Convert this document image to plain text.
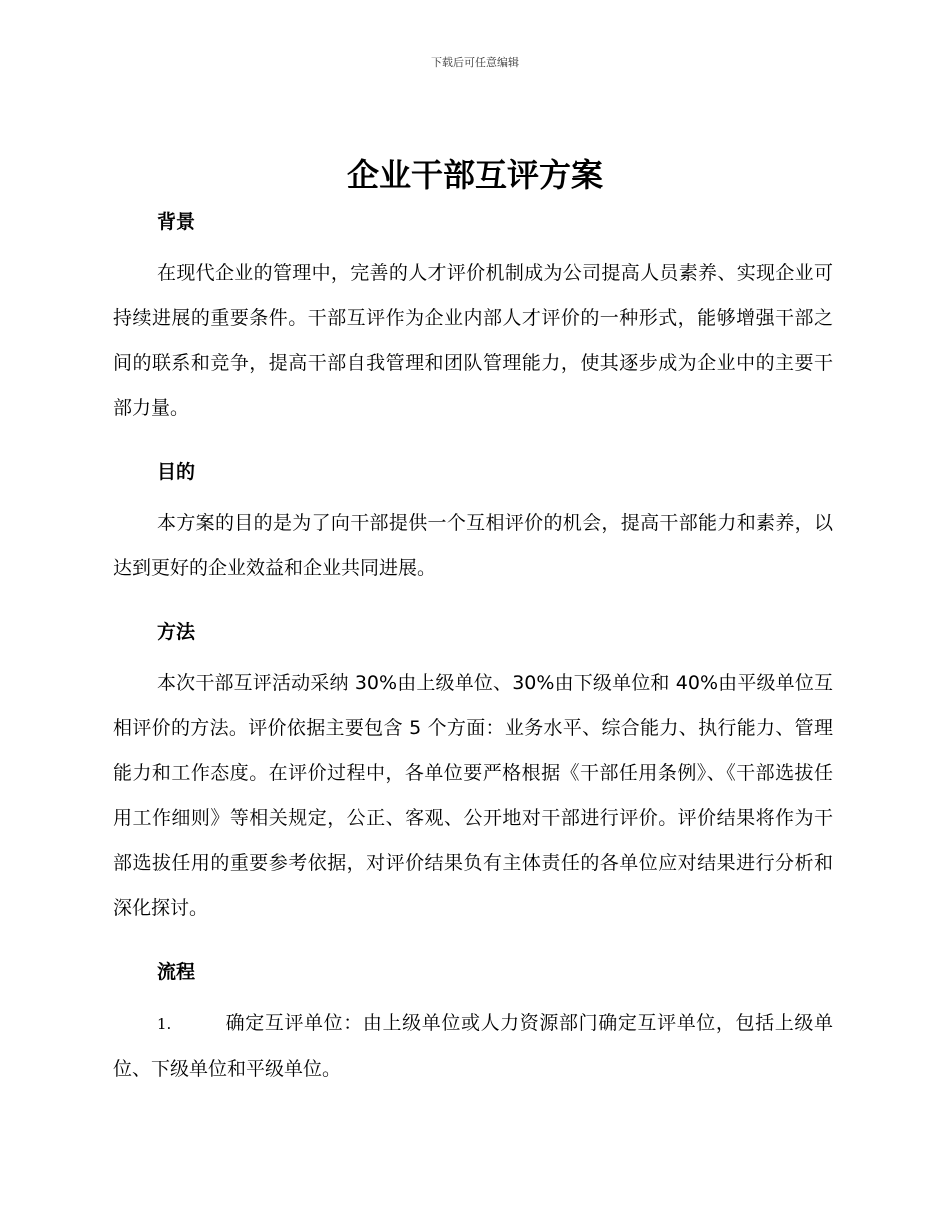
下载后可任意编辑
企业干部互评方案
背景

在现代企业的管理中，完善的人才评价机制成为公司提高人员素养、实现企业可持续进展的重要条件。干部互评作为企业内部人才评价的一种形式，能够增强干部之间的联系和竞争，提高干部自我管理和团队管理能力，使其逐步成为企业中的主要干部力量。

目的

本方案的目的是为了向干部提供一个互相评价的机会，提高干部能力和素养，以达到更好的企业效益和企业共同进展。

方法

本次干部互评活动采纳 30%由上级单位、30%由下级单位和 40%由平级单位互相评价的方法。评价依据主要包含 5 个方面：业务水平、综合能力、执行能力、管理能力和工作态度。在评价过程中，各单位要严格根据《干部任用条例》、《干部选拔任用工作细则》等相关规定，公正、客观、公开地对干部进行评价。评价结果将作为干部选拔任用的重要参考依据，对评价结果负有主体责任的各单位应对结果进行分析和深化探讨。

流程

1.	确定互评单位：由上级单位或人力资源部门确定互评单位，包括上级单位、下级单位和平级单位。
